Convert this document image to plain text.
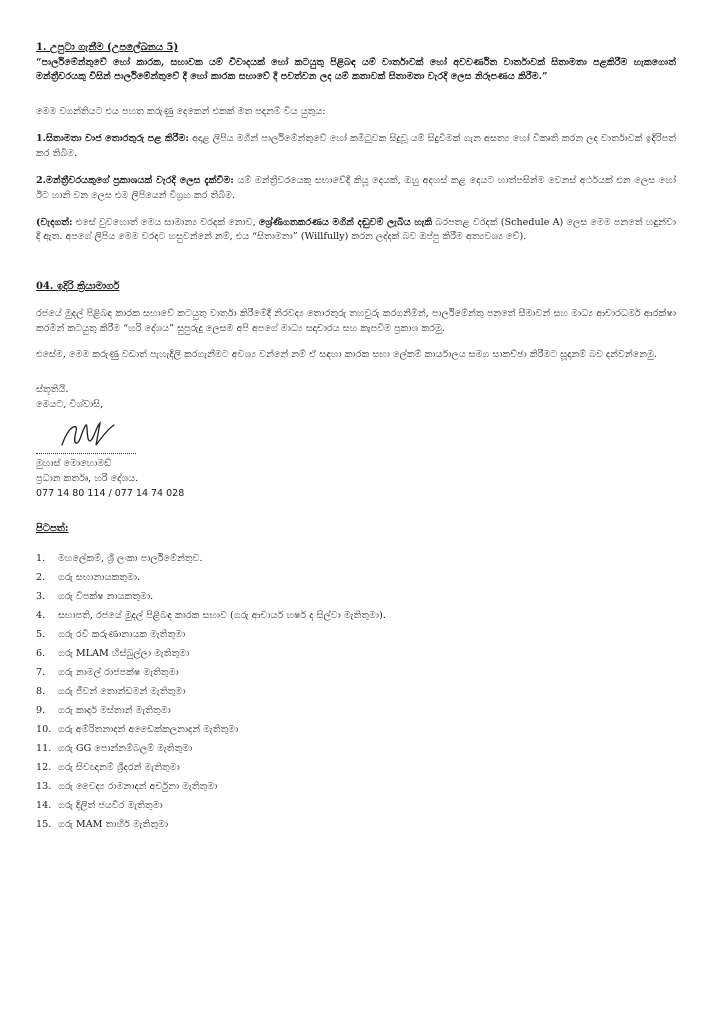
1. උපුටා ගැනීම (උපලේඛනය 5)

“පාර්ලිමේන්තුවේ හෝ කාරක, සභාවක යම් විවාදයක් හෝ කටයුතු පිළිබඳ යම් වාර්තාවක් හෝ අවවර්ණිත වාර්තාවක් සිතාමතා පළකිරීම හැකගොත් මන්ත්‍රීවරයකු විසින් පාර්ලිමේන්තුවේ දී හෝ කාරක සභාවේ දී පවත්වන ලද යම් කතාවක් සිතාමතා වැරදි ලෙස නිරූපණය කිරීම.”

මෙම වගන්තියට එය පහත කරුණු දෙකෙන් එකක් මත පදනම් විය යුතුය:

1.සිතාමතා වාජ තොරතුරු පළ කිරීම: අදාළ ලිපිය මගින් පාර්ලිමේන්තුවේ හෝ කමිටුවක සිදුවූ යම් සිදුවීමක් ගැන අසත්‍ය හෝ විකෘති කරන ලද වාර්තාවක් ඉදිරිපත් කර තිබීම.

2.මන්ත්‍රීවරයකුගේ ප්‍රකාශයක් වැරදි ලෙස දැක්වීම: යම් මන්ත්‍රීවරයෙකු සභාවේදී කියූ දෙයක්, ඔහු අදහස් කළ දෙයට හාත්පසින්ම වෙනස් අර්ථයක් එන ලෙස හෝ ඊට හානි වන ලෙස එම ලිපියෙන් විග්‍රහ කර තිබීම.

(වැදගත්: එසේ වුවහොත් මෙය සාමාන්‍ය වරදක් නොව, ශ්‍රේණිගතකරණය මගින් දඬුවම් ලැබිය හැකි බරපතළ වරදක් (Schedule A) ලෙස මෙම පනතේ හඳුන්වා දී ඇත. අපගේ ලිපිය මෙම වරදට හසුවන්නේ නම්, එය “සිතාමතා” (Willfully) කරන ලද්දක් බව ඔප්පු කිරීම අත්‍යවශ්‍ය වේ).

04. ඉදිරි ක්‍රියාමාර්ග

රජයේ මුදල් පිළිබඳ කාරක සභාවේ කටයුතු වාර්තා කිරීමේදී නිරවද්‍ය තොරතුරු තහවුරු කරගනිමින්, පාර්ලිමේන්තු පනතේ සීමාවන් සහ මාධ්‍ය ආචාරධර්ම ආරක්ෂා කරමින් කටයුතු කිරීම “හරි දේශය” සුපුරුදු ලෙසම අපි අපගේ මාධ්‍ය සදාචාරය සහ කැපවීම ප්‍රකාශ කරමු.

එසේම, මෙම කරුණු වඩාත් පැහැදිලි කරගැනීමට අවශ්‍ය වන්නේ නම් ඒ සඳහා කාරක සභා ලේකම් කාර්යාලය සමග සාකච්ඡා කිරීමට සූදානම් බව දන්වන්නෙමු.

ස්තූතියි.
මෙයට, විශ්වාසි,
මුහාස් මොහොමඩ්
ප්‍රධාන කර්තෘ, හරි දේශය.
077 14 80 114 / 077 14 74 028
පිටපත්:
1. මහලේකම්, ශ්‍රී ලංකා පාර්ලිමේන්තුව.
2. ගරු සභානායකතුමා.
3. ගරු විපක්ෂ නායකතුමා.
4. සභාපති, රජයේ මුදල් පිළිබඳ කාරක සභාව (ගරු ආචාර්ය හර්ෂ ද සිල්වා මැතිතුමා).
5. ගරු රවි කරුණානායක මැතිතුමා
6. ගරු MLAM හිස්බුල්ලා මැතිතුමා
7. ගරු නාමල් රාජපක්ෂ මැතිතුමා
8. ගරු ජීවන් තොන්ඩමන් මැතිතුමා
9. ගරු කාදර් මස්තාන් මැතිතුමා
10. ගරු අම්රිතනාදන් අඩෛක්කලනාදන් මැතිතුමා
11. ගරු GG පොන්නම්බලම් මැතිතුමා
12. ගරු සිවඥානම් ශ්‍රීදරන් මැතිතුමා
13. ගරු වෛද්‍ය රාමනාදන් අර්චුනා මැතිතුමා
14. ගරු දිලිත් ජයවීර මැතිතුමා
15. ගරු MAM තාහිර් මැතිතුමා
